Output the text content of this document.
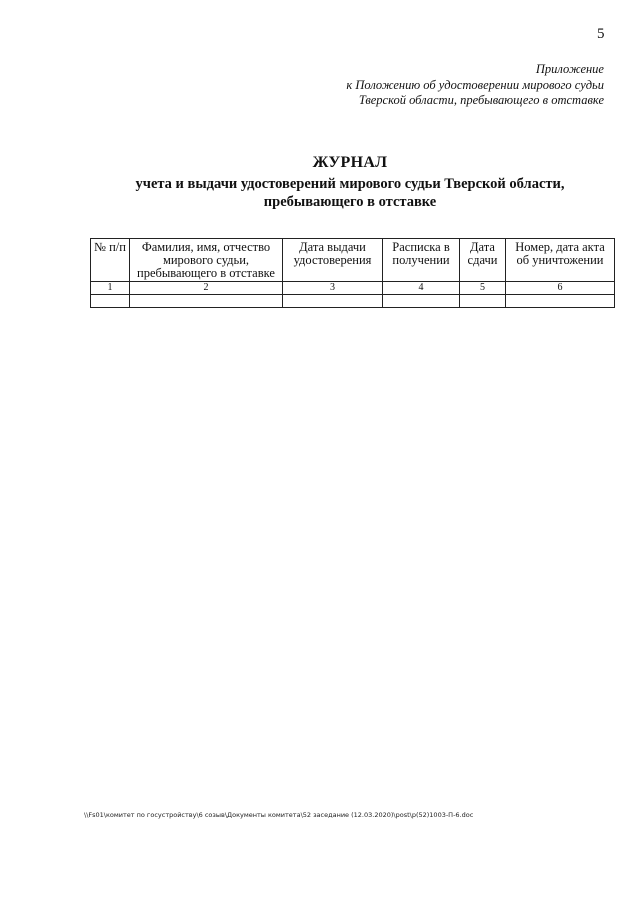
5
Приложение
к Положению об удостоверении мирового судьи
Тверской области, пребывающего в отставке
ЖУРНАЛ
учета и выдачи удостоверений мирового судьи Тверской области,
пребывающего в отставке
№ п/п	Фамилия, имя, отчество мирового судьи, пребывающего в отставке	Дата выдачи удостоверения	Расписка в получении	Дата сдачи	Номер, дата акта об уничтожении
1	2	3	4	5	6

\\Fs01\комитет по госустройству\6 созыв\Документы комитета\52 заседание (12.03.2020)\post\p(52)1003-П-6.doc
